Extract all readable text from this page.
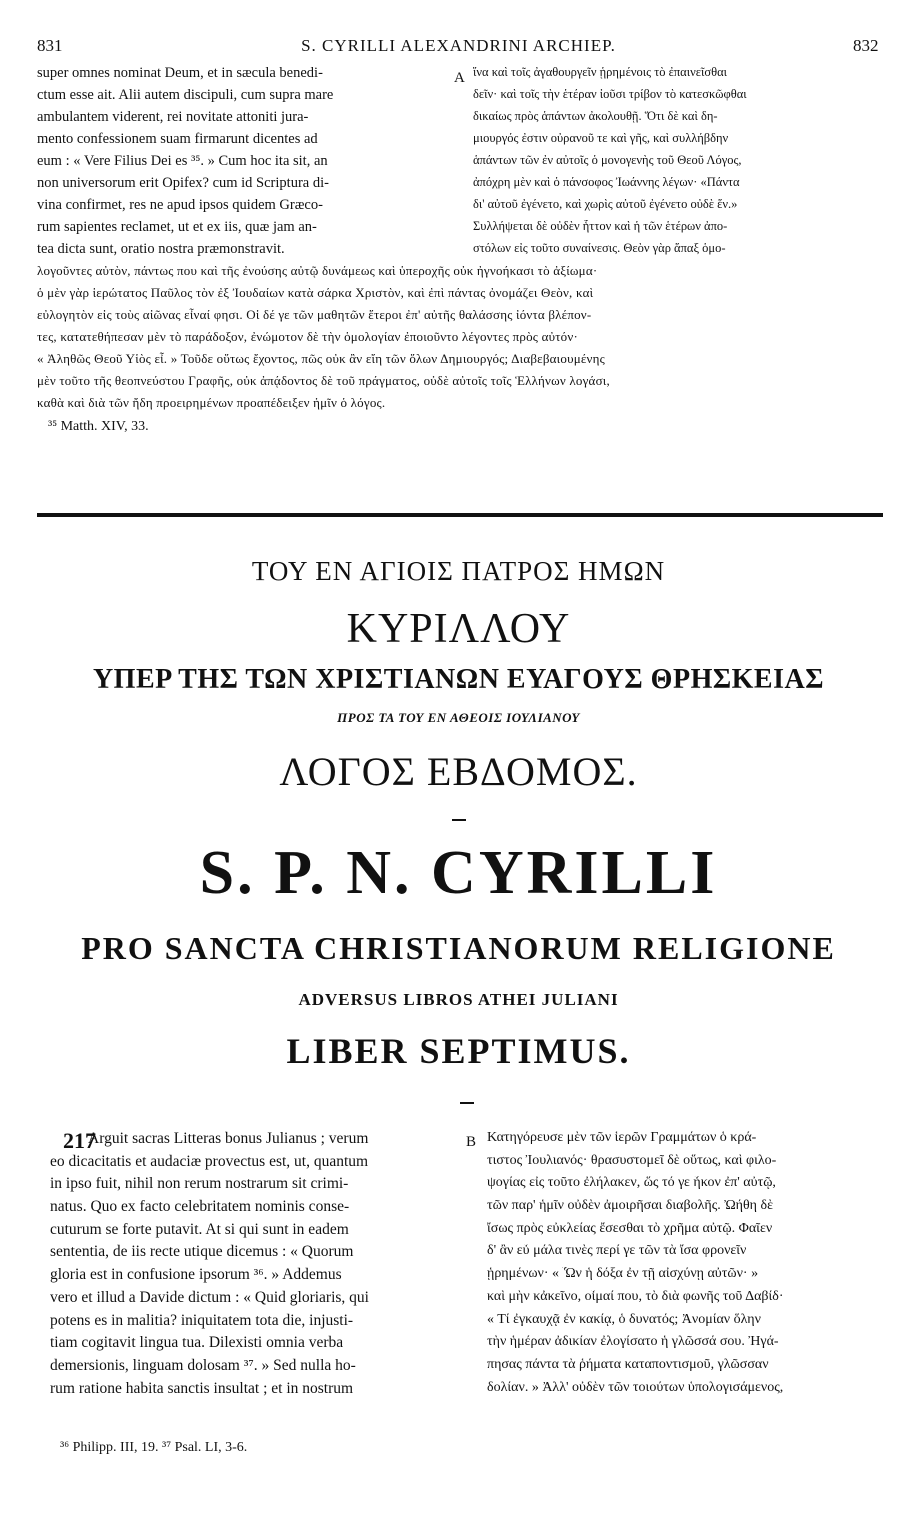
831	S. CYRILLI ALEXANDRINI ARCHIEP.	832
super omnes nominat Deum, et in sæcula benedi-
ctum esse ait. Alii autem discipuli, cum supra mare
ambulantem viderent, rei novitate attoniti jura-
mento confessionem suam firmarunt dicentes ad
eum : « Vere Filius Dei es ³⁵. » Cum hoc ita sit, an
non universorum erit Opifex? cum id Scriptura di-
vina confirmet, res ne apud ipsos quidem Græco-
rum sapientes reclamet, ut et ex iis, quæ jam an-
tea dicta sunt, oratio nostra præmonstravit.
A ἵνα καὶ τοῖς ἀγαθουργεῖν ᾑρημένοις τὸ ἐπαινεῖσθαι
δεῖν· καὶ τοῖς τὴν ἑτέραν ἰοῦσι τρίβον τὸ κατεσκῶφθαι
δικαίως πρὸς ἁπάντων ἀκολουθῇ. Ὅτι δὲ καὶ δη-
μιουργός ἐστιν οὐρανοῦ τε καὶ γῆς, καὶ συλλήβδην
ἁπάντων τῶν ἐν αὐτοῖς ὁ μονογενὴς τοῦ Θεοῦ Λόγος,
ἀπόχρη μὲν καὶ ὁ πάνσοφος Ἰωάννης λέγων· «Πάντα
δι' αὐτοῦ ἐγένετο, καὶ χωρὶς αὐτοῦ ἐγένετο οὐδὲ ἕν.»
Συλλήψεται δὲ οὐδὲν ἧττον καὶ ἡ τῶν ἑτέρων ἀπο-
στόλων εἰς τοῦτο συναίνεσις. Θεὸν γὰρ ἅπαξ ὁμο-
λογοῦντες αὐτὸν, πάντως που καὶ τῆς ἐνούσης αὐτῷ δυνάμεως καὶ ὑπεροχῆς οὐκ ἠγνοήκασι τὸ ἀξίωμα·
ὁ μὲν γὰρ ἱερώτατος Παῦλος τὸν ἐξ Ἰουδαίων κατὰ σάρκα Χριστὸν, καὶ ἐπὶ πάντας ὀνομάζει Θεὸν, καὶ
εὐλογητὸν εἰς τοὺς αἰῶνας εἶναί φησι. Οἱ δέ γε τῶν μαθητῶν ἕτεροι ἐπ' αὐτῆς θαλάσσης ἰόντα βλέπον-
τες, κατατεθήπεσαν μὲν τὸ παράδοξον, ἐνώμοτον δὲ τὴν ὁμολογίαν ἐποιοῦντο λέγοντες πρὸς αὐτόν·
« Ἀληθῶς Θεοῦ Υἱὸς εἶ. » Τοῦδε οὕτως ἔχοντος, πῶς οὐκ ἂν εἴη τῶν ὅλων Δημιουργός; Διαβεβαιουμένης
μὲν τοῦτο τῆς θεοπνεύστου Γραφῆς, οὐκ ἀπᾴδοντος δὲ τοῦ πράγματος, οὐδὲ αὐτοῖς τοῖς Ἑλλήνων λογάσι,
καθὰ καὶ διὰ τῶν ἤδη προειρημένων προαπέδειξεν ἡμῖν ὁ λόγος.
³⁵ Matth. XIV, 33.
ΤΟΥ ΕΝ ΑΓΙΟΙΣ ΠΑΤΡΟΣ ΗΜΩΝ
ΚΥΡΙΛΛΟΥ
ΥΠΕΡ ΤΗΣ ΤΩΝ ΧΡΙΣΤΙΑΝΩΝ ΕΥΑΓΟΥΣ ΘΡΗΣΚΕΙΑΣ
ΠΡΟΣ ΤΑ ΤΟΥ ΕΝ ΑΘΕΟΙΣ ΙΟΥΛΙΑΝΟΥ
ΛΟΓΟΣ ΕΒΔΟΜΟΣ.
S. P. N. CYRILLI
PRO SANCTA CHRISTIANORUM RELIGIONE
ADVERSUS LIBROS ATHEI JULIANI
LIBER SEPTIMUS.
217
Arguit sacras Litteras bonus Julianus ; verum
eo dicacitatis et audaciæ provectus est, ut, quantum
in ipso fuit, nihil non rerum nostrarum sit crimi-
natus. Quo ex facto celebritatem nominis conse-
cuturum se forte putavit. At si qui sunt in eadem
sententia, de iis recte utique dicemus : « Quorum
gloria est in confusione ipsorum ³⁶. » Addemus
vero et illud a Davide dictum : « Quid gloriaris, qui
potens es in malitia? iniquitatem tota die, injusti-
tiam cogitavit lingua tua. Dilexisti omnia verba
demersionis, linguam dolosam ³⁷. » Sed nulla ho-
rum ratione habita sanctis insultat ; et in nostrum
B Κατηγόρευσε μὲν τῶν ἱερῶν Γραμμάτων ὁ κρά-
τιστος Ἰουλιανός· θρασυστομεῖ δὲ οὕτως, καὶ φιλο-
ψογίας εἰς τοῦτο ἐλήλακεν, ὥς τό γε ἧκον ἐπ' αὐτῷ,
τῶν παρ' ἡμῖν οὐδὲν ἀμοιρῆσαι διαβολῆς. Ὠήθη δὲ
ἴσως πρὸς εὐκλείας ἔσεσθαι τὸ χρῆμα αὐτῷ. Φαῖεν
δ' ἂν εὖ μάλα τινὲς περί γε τῶν τὰ ἴσα φρονεῖν
ᾑρημένων· « Ὧν ἡ δόξα ἐν τῇ αἰσχύνῃ αὐτῶν· »
καὶ μὴν κἀκεῖνο, οἶμαί που, τὸ διὰ φωνῆς τοῦ Δαβίδ·
« Τί ἐγκαυχᾷ ἐν κακίᾳ, ὁ δυνατός; Ἀνομίαν ὅλην
τὴν ἡμέραν ἀδικίαν ἐλογίσατο ἡ γλῶσσά σου. Ἠγά-
πησας πάντα τὰ ῥήματα καταποντισμοῦ, γλῶσσαν
δολίαν. » Ἀλλ' οὐδὲν τῶν τοιούτων ὑπολογισάμενος,
³⁶ Philipp. III, 19. ³⁷ Psal. LI, 3-6.
